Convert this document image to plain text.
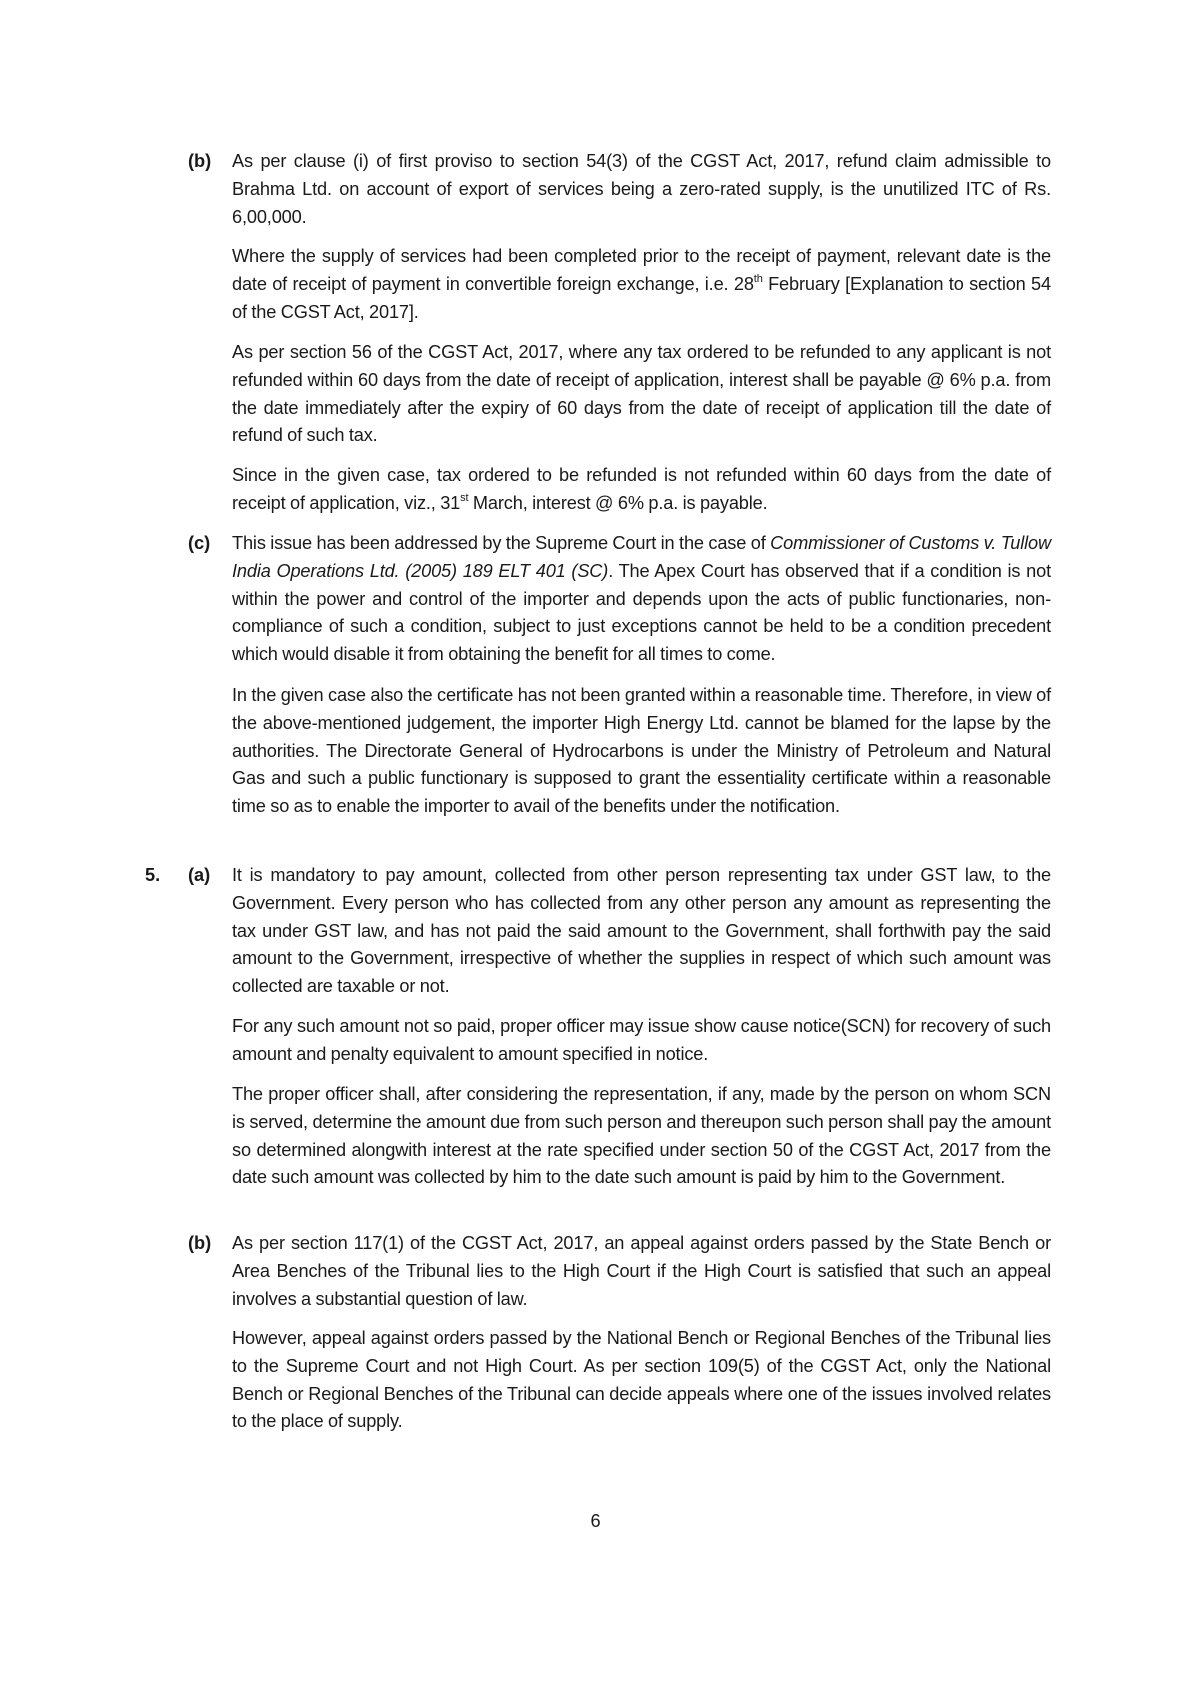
(b) As per clause (i) of first proviso to section 54(3) of the CGST Act, 2017, refund claim admissible to Brahma Ltd. on account of export of services being a zero-rated supply, is the unutilized ITC of Rs. 6,00,000.

Where the supply of services had been completed prior to the receipt of payment, relevant date is the date of receipt of payment in convertible foreign exchange, i.e. 28th February [Explanation to section 54 of the CGST Act, 2017].

As per section 56 of the CGST Act, 2017, where any tax ordered to be refunded to any applicant is not refunded within 60 days from the date of receipt of application, interest shall be payable @ 6% p.a. from the date immediately after the expiry of 60 days from the date of receipt of application till the date of refund of such tax.

Since in the given case, tax ordered to be refunded is not refunded within 60 days from the date of receipt of application, viz., 31st March, interest @ 6% p.a. is payable.

(c) This issue has been addressed by the Supreme Court in the case of Commissioner of Customs v. Tullow India Operations Ltd. (2005) 189 ELT 401 (SC). The Apex Court has observed that if a condition is not within the power and control of the importer and depends upon the acts of public functionaries, non-compliance of such a condition, subject to just exceptions cannot be held to be a condition precedent which would disable it from obtaining the benefit for all times to come.

In the given case also the certificate has not been granted within a reasonable time. Therefore, in view of the above-mentioned judgement, the importer High Energy Ltd. cannot be blamed for the lapse by the authorities. The Directorate General of Hydrocarbons is under the Ministry of Petroleum and Natural Gas and such a public functionary is supposed to grant the essentiality certificate within a reasonable time so as to enable the importer to avail of the benefits under the notification.

5. (a) It is mandatory to pay amount, collected from other person representing tax under GST law, to the Government. Every person who has collected from any other person any amount as representing the tax under GST law, and has not paid the said amount to the Government, shall forthwith pay the said amount to the Government, irrespective of whether the supplies in respect of which such amount was collected are taxable or not.

For any such amount not so paid, proper officer may issue show cause notice(SCN) for recovery of such amount and penalty equivalent to amount specified in notice.

The proper officer shall, after considering the representation, if any, made by the person on whom SCN is served, determine the amount due from such person and thereupon such person shall pay the amount so determined alongwith interest at the rate specified under section 50 of the CGST Act, 2017 from the date such amount was collected by him to the date such amount is paid by him to the Government.

(b) As per section 117(1) of the CGST Act, 2017, an appeal against orders passed by the State Bench or Area Benches of the Tribunal lies to the High Court if the High Court is satisfied that such an appeal involves a substantial question of law.

However, appeal against orders passed by the National Bench or Regional Benches of the Tribunal lies to the Supreme Court and not High Court. As per section 109(5) of the CGST Act, only the National Bench or Regional Benches of the Tribunal can decide appeals where one of the issues involved relates to the place of supply.

6
